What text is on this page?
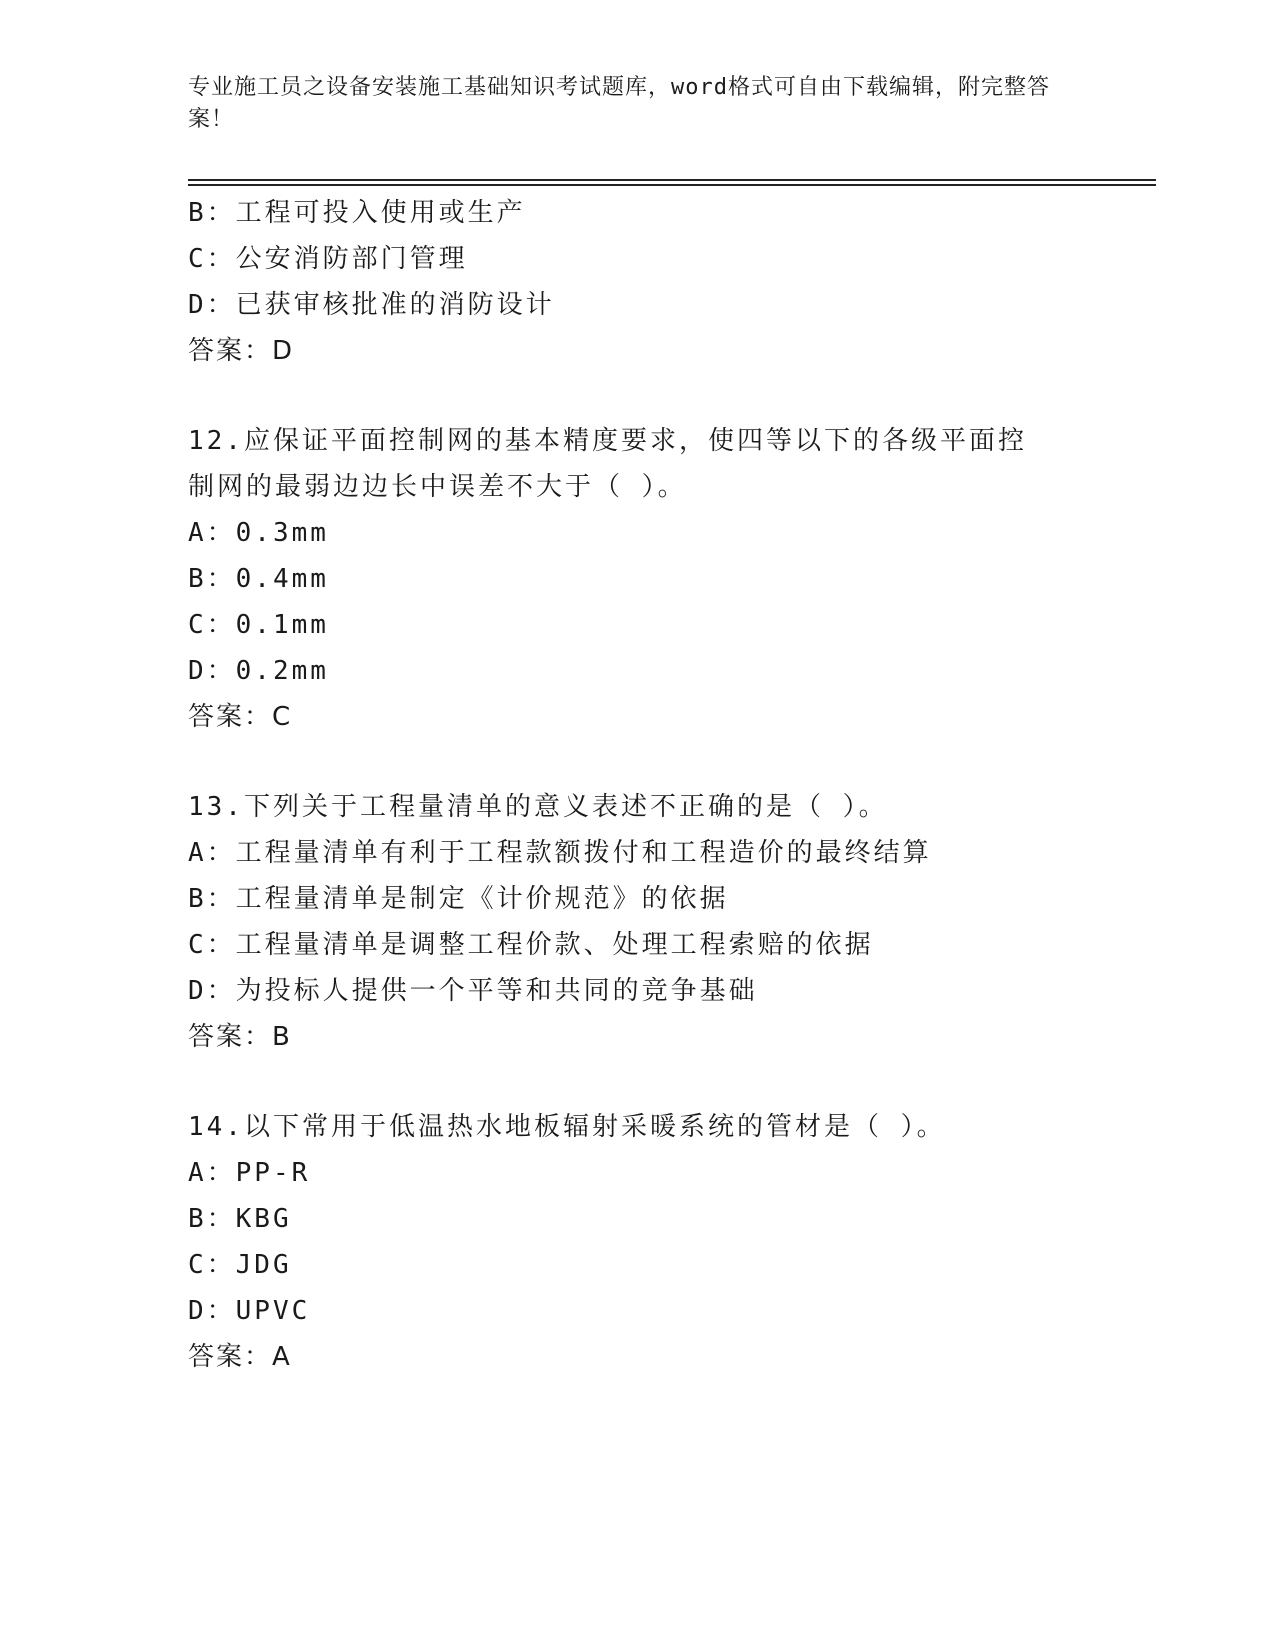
专业施工员之设备安装施工基础知识考试题库，word格式可自由下载编辑，附完整答案！
B：工程可投入使用或生产
C：公安消防部门管理
D：已获审核批准的消防设计
答案：D
12.应保证平面控制网的基本精度要求，使四等以下的各级平面控制网的最弱边边长中误差不大于（ ）。
A：0.3mm
B：0.4mm
C：0.1mm
D：0.2mm
答案：C
13.下列关于工程量清单的意义表述不正确的是（ ）。
A：工程量清单有利于工程款额拨付和工程造价的最终结算
B：工程量清单是制定《计价规范》的依据
C：工程量清单是调整工程价款、处理工程索赔的依据
D：为投标人提供一个平等和共同的竞争基础
答案：B
14.以下常用于低温热水地板辐射采暖系统的管材是（ ）。
A：PP-R
B：KBG
C：JDG
D：UPVC
答案：A
